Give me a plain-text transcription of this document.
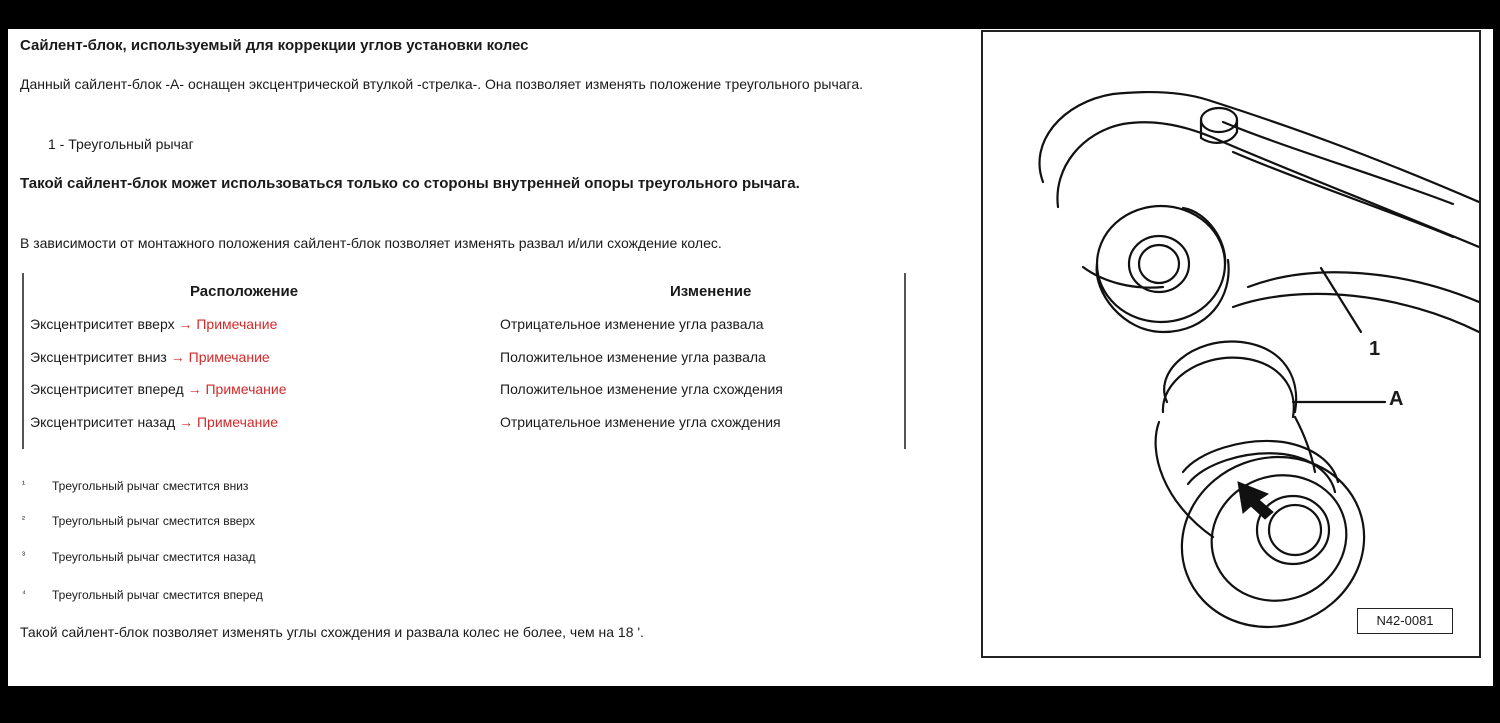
Сайлент-блок, используемый для коррекции углов установки колес
Данный сайлент-блок -A- оснащен эксцентрической втулкой -стрелка-. Она позволяет изменять положение треугольного рычага.
1 - Треугольный рычаг
Такой сайлент-блок может использоваться только со стороны внутренней опоры треугольного рычага.
В зависимости от монтажного положения сайлент-блок позволяет изменять развал и/или схождение колес.
Расположение	Изменение
Эксцентриситет вверх → Примечание	Отрицательное изменение угла развала
Эксцентриситет вниз → Примечание	Положительное изменение угла развала
Эксцентриситет вперед → Примечание	Положительное изменение угла схождения
Эксцентриситет назад → Примечание	Отрицательное изменение угла схождения
¹ Треугольный рычаг сместится вниз
² Треугольный рычаг сместится вверх
³ Треугольный рычаг сместится назад
⁴ Треугольный рычаг сместится вперед
Такой сайлент-блок позволяет изменять углы схождения и развала колес не более, чем на 18 '.
1
A
N42-0081
